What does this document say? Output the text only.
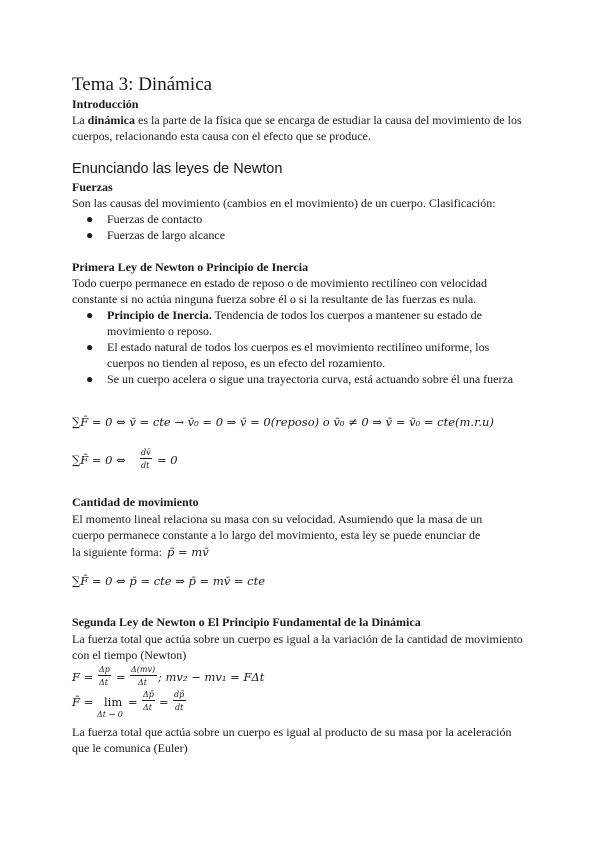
Tema 3: Dinámica
Introducción
La dinámica es la parte de la física que se encarga de estudiar la causa del movimiento de los
cuerpos, relacionando esta causa con el efecto que se produce.
Enunciando las leyes de Newton
Fuerzas
Son las causas del movimiento (cambios en el movimiento) de un cuerpo. Clasificación:
● Fuerzas de contacto
● Fuerzas de largo alcance
Primera Ley de Newton o Principio de Inercia
Todo cuerpo permanece en estado de reposo o de movimiento rectilíneo con velocidad
constante si no actúa ninguna fuerza sobre él o si la resultante de las fuerzas es nula.
● Principio de Inercia. Tendencia de todos los cuerpos a mantener su estado de
movimiento o reposo.
● El estado natural de todos los cuerpos es el movimiento rectilíneo uniforme, los
cuerpos no tienden al reposo, es un efecto del rozamiento.
● Se un cuerpo acelera o sigue una trayectoria curva, está actuando sobre él una fuerza
∑F̄ = 0 ⇔ v̄ = cte → v̄₀ = 0 ⇒ v̄ = 0(reposo) o v̄₀ ≠ 0 ⇒ v̄ = v̄₀ = cte(m.r.u)
∑F̄ = 0 ⇔
dv̄
dt = 0
Cantidad de movimiento
El momento lineal relaciona su masa con su velocidad. Asumiendo que la masa de un
cuerpo permanece constante a lo largo del movimiento, esta ley se puede enunciar de
la siguiente forma: p̄ = mv̄
∑F̄ = 0 ⇔ p̄ = cte ⇒ p̄ = mv̄ = cte
Segunda Ley de Newton o El Principio Fundamental de la Dinámica
La fuerza total que actúa sobre un cuerpo es igual a la variación de la cantidad de movimiento
con el tiempo (Newton)
F =
Δp
Δt =
Δ(mv)
Δt ; mv₂ − mv₁ = FΔt
F̄ = lim
Δt → 0
=
Δp̄
Δt =
dp̄
dt
La fuerza total que actúa sobre un cuerpo es igual al producto de su masa por la aceleración
que le comunica (Euler)
